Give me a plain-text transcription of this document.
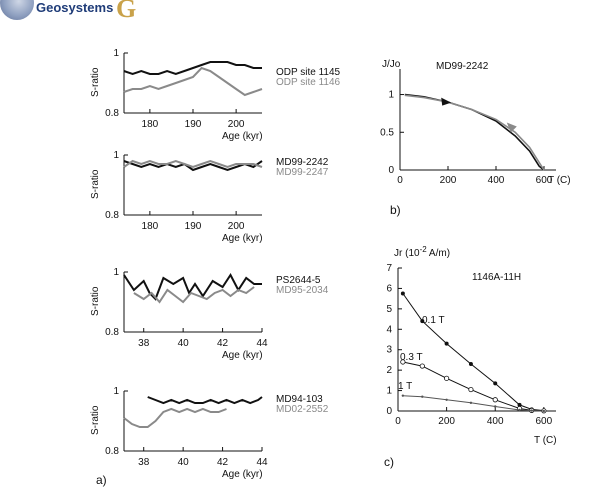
Geosystems G
0.8
1
180	190	200
S-ratio
Age (kyr)
ODP site 1145
ODP site 1146
0.8
1
180	190	200
S-ratio
Age (kyr)
MD99-2242
MD99-2247
0.8
1
38	40	42	44
S-ratio
Age (kyr)
PS2644-5
MD95-2034
0.8
1
38	40	42	44
S-ratio
Age (kyr)
MD94-103
MD02-2552
0
0.5
1
0	200	400	600
J/Jo
T (C)
MD99-2242
0
1
2
3
4
5
6
7
0	200	400	600
Jr ($10^{-2}$ A/m)
T (C)
1146A-11H
0.1 T
0.3 T
1 T
a)
b)
c)
